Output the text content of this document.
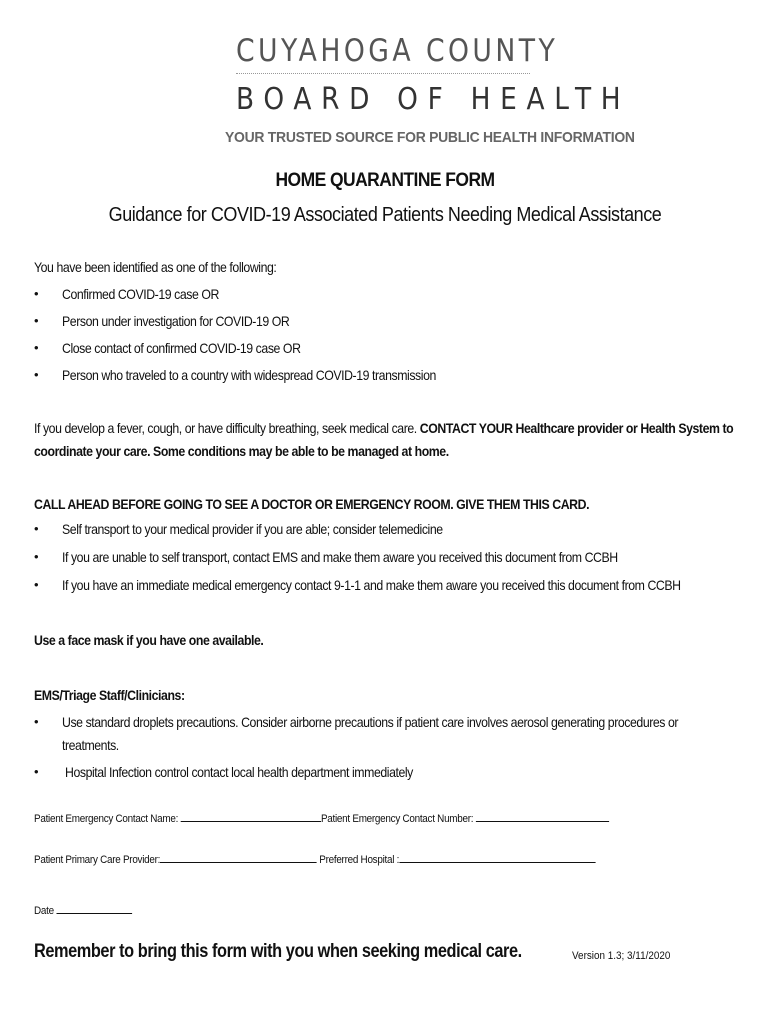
CUYAHOGA COUNTY
BOARD OF HEALTH
YOUR TRUSTED SOURCE FOR PUBLIC HEALTH INFORMATION
HOME QUARANTINE FORM
Guidance for COVID-19 Associated Patients Needing Medical Assistance
You have been identified as one of the following:
• Confirmed COVID-19 case OR
• Person under investigation for COVID-19 OR
• Close contact of confirmed COVID-19 case OR
• Person who traveled to a country with widespread COVID-19 transmission
If you develop a fever, cough, or have difficulty breathing, seek medical care. CONTACT YOUR Healthcare provider or Health System to
coordinate your care. Some conditions may be able to be managed at home.
CALL AHEAD BEFORE GOING TO SEE A DOCTOR OR EMERGENCY ROOM. GIVE THEM THIS CARD.
• Self transport to your medical provider if you are able; consider telemedicine
• If you are unable to self transport, contact EMS and make them aware you received this document from CCBH
• If you have an immediate medical emergency contact 9-1-1 and make them aware you received this document from CCBH
Use a face mask if you have one available.
EMS/Triage Staff/Clinicians:
• Use standard droplets precautions. Consider airborne precautions if patient care involves aerosol generating procedures or
treatments.
• Hospital Infection control contact local health department immediately
Patient Emergency Contact Name:	Patient Emergency Contact Number:
Patient Primary Care Provider:	Preferred Hospital :
Date
Remember to bring this form with you when seeking medical care.	Version 1.3; 3/11/2020
